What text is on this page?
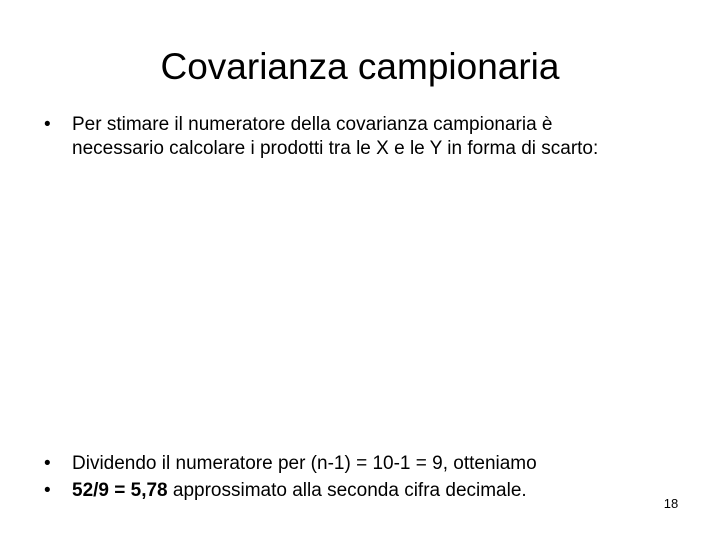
Covarianza campionaria
• Per stimare il numeratore della covarianza campionaria è
necessario calcolare i prodotti tra le X e le Y in forma di scarto:
• Dividendo il numeratore per (n-1) = 10-1 = 9, otteniamo
• 52/9 = 5,78 approssimato alla seconda cifra decimale.
18
